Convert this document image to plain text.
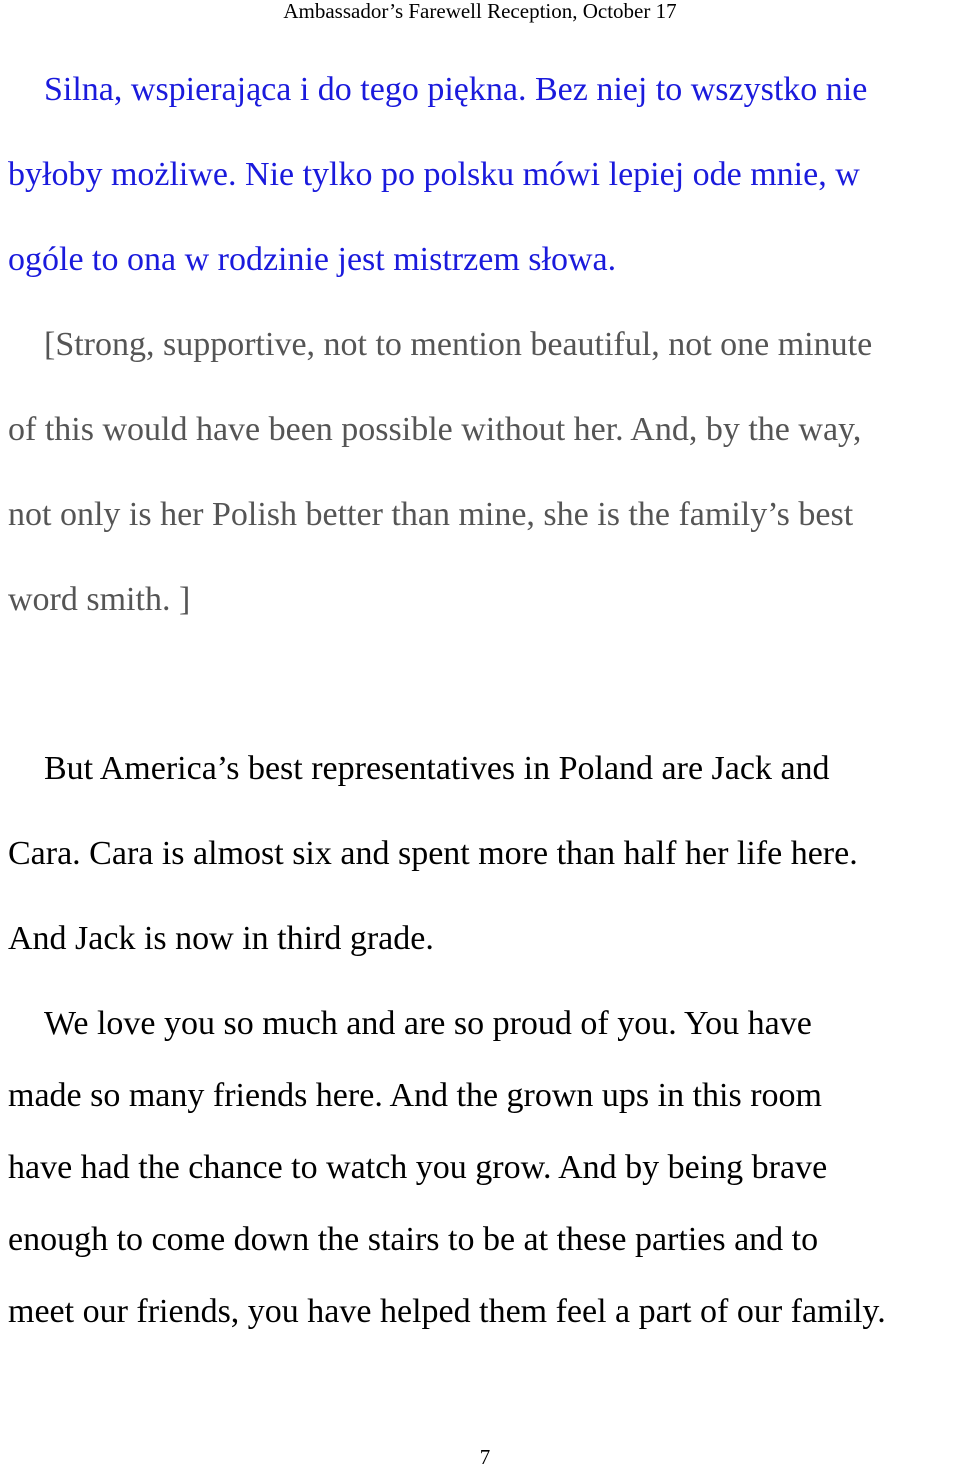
Ambassador’s Farewell Reception, October 17
Silna, wspierająca i do tego piękna. Bez niej to wszystko nie
byłoby możliwe. Nie tylko po polsku mówi lepiej ode mnie, w
ogóle to ona w rodzinie jest mistrzem słowa.
[Strong, supportive, not to mention beautiful, not one minute
of this would have been possible without her. And, by the way,
not only is her Polish better than mine, she is the family’s best
word smith. ]
But America’s best representatives in Poland are Jack and
Cara. Cara is almost six and spent more than half her life here.
And Jack is now in third grade.
We love you so much and are so proud of you. You have
made so many friends here. And the grown ups in this room
have had the chance to watch you grow. And by being brave
enough to come down the stairs to be at these parties and to
meet our friends, you have helped them feel a part of our family.
7
